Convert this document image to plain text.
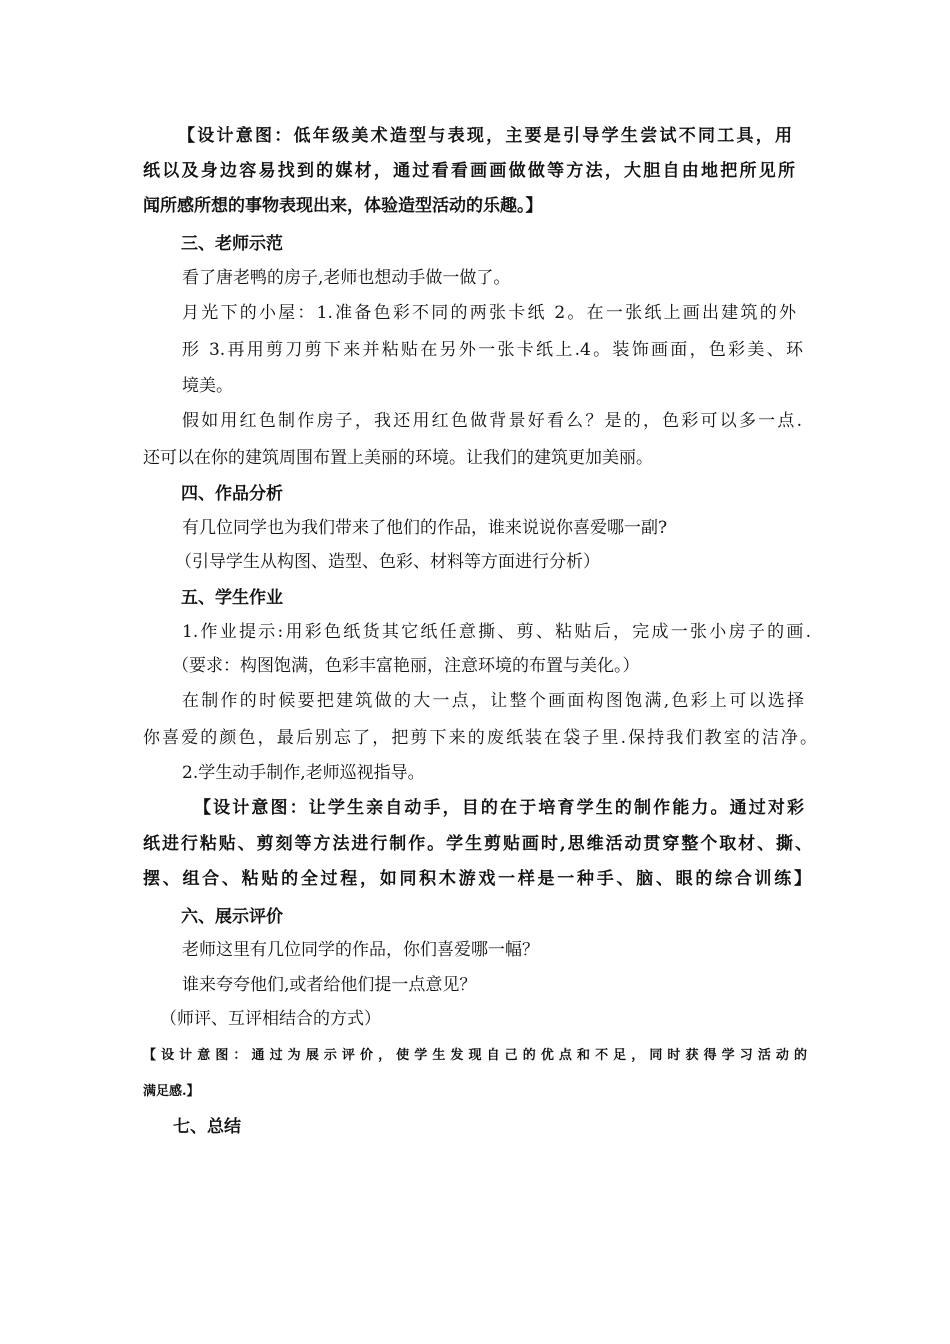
【设计意图：低年级美术造型与表现，主要是引导学生尝试不同工具，用
纸以及身边容易找到的媒材，通过看看画画做做等方法，大胆自由地把所见所
闻所感所想的事物表现出来，体验造型活动的乐趣。】
三、老师示范
看了唐老鸭的房子,老师也想动手做一做了。
月光下的小屋：1.准备色彩不同的两张卡纸 2。在一张纸上画出建筑的外
形 3.再用剪刀剪下来并粘贴在另外一张卡纸上.4。装饰画面，色彩美、环
境美。
假如用红色制作房子，我还用红色做背景好看么？是的，色彩可以多一点.
还可以在你的建筑周围布置上美丽的环境。让我们的建筑更加美丽。
四、作品分析
有几位同学也为我们带来了他们的作品，谁来说说你喜爱哪一副?
（引导学生从构图、造型、色彩、材料等方面进行分析）
五、学生作业
1.作业提示:用彩色纸货其它纸任意撕、剪、粘贴后，完成一张小房子的画.
（要求：构图饱满，色彩丰富艳丽，注意环境的布置与美化。）
在制作的时候要把建筑做的大一点，让整个画面构图饱满,色彩上可以选择
你喜爱的颜色，最后别忘了，把剪下来的废纸装在袋子里.保持我们教室的洁净。
2.学生动手制作,老师巡视指导。
【设计意图：让学生亲自动手，目的在于培育学生的制作能力。通过对彩
纸进行粘贴、剪刻等方法进行制作。学生剪贴画时,思维活动贯穿整个取材、撕、
摆、组合、粘贴的全过程，如同积木游戏一样是一种手、脑、眼的综合训练】
六、展示评价
老师这里有几位同学的作品，你们喜爱哪一幅？
谁来夸夸他们,或者给他们提一点意见？
（师评、互评相结合的方式）
【设计意图：通过为展示评价，使学生发现自己的优点和不足，同时获得学习活动的
满足感.】
七、总结
